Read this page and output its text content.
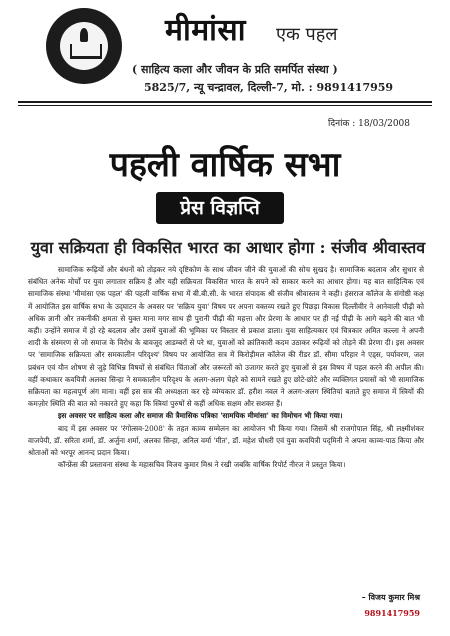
मीमांसा एक पहल
( साहित्य कला और जीवन के प्रति समर्पित संस्था )
5825/7, न्यू चन्द्रावल, दिल्ली-7, मो. : 9891417959
दिनांक : 18/03/2008
पहली वार्षिक सभा
प्रेस विज्ञप्ति
युवा सक्रियता ही विकसित भारत का आधार होगा : संजीव श्रीवास्तव

सामाजिक रूढ़ियों और बंधनों को तोड़कर नये दृष्टिकोण के साथ जीवन जीने की युवाओं की सोच सुखद है। सामाजिक बदलाव और सुधार से संबंधित अनेक मोर्चों पर युवा लगातार सक्रिय हैं और यही सक्रियता विकसित भारत के सपने को साकार करने का आधार होगा। यह बात साहित्यिक एवं सामाजिक संस्था 'मीमांसा एक पहल' की पहली वार्षिक सभा में बी.बी.सी. के भारत संपादक श्री संजीव श्रीवास्तव ने कही। हंसराज कॉलेज के संगोष्ठी कक्ष में आयोजित इस वार्षिक सभा के उद्‌घाटन के अवसर पर 'सक्रिय युवा' विषय पर अपना वक्तव्य रखते हुए पिछड़ा विकास दिल्लीवीर ने आनेवाली पीढ़ी को अधिक ज्ञानी और तकनीकी क्षमता से युक्त माना मगर साथ ही पुरानी पीढ़ी की महत्ता और प्रेरणा के आधार पर ही नई पीढ़ी के आगे बढ़ने की बात भी कही। उन्होंने समाज में हो रहे बदलाव और उसमें युवाओं की भूमिका पर विस्तार से प्रकाश डाला। युवा साहित्यकार एवं चित्रकार अमित कल्ला ने अपनी शादी के संस्मरण से जो समाज के विरोध के बावजूद आडम्बरों से परे था, युवाओं को क्रांतिकारी कदम उठाकर रूढ़ियों को तोड़ने की प्रेरणा दी। इस अवसर पर 'सामाजिक सक्रियता और समकालीन परिदृश्य' विषय पर आयोजित सत्र में किरोड़ीमल कॉलेज की रीडर डॉ. सीमा परिहार ने एड्‌स, पर्यावरण, जल प्रबंधन एवं यौन शोषण से जुड़े विभिन्न विषयों से संबंधित चिंताओं और जरूरतों को उजागर करते हुए युवाओं से इस विषय में पहल करने की अपील की। वहीं कथाकार कवयित्री अलका सिन्हा ने समकालीन परिदृश्य के अलग-अलग चेहरे को सामने रखते हुए छोटे-छोटे और व्यक्तिगत प्रयासों को भी सामाजिक सक्रियता का महत्वपूर्ण अंग माना। वहीं इस सत्र की अध्यक्षता कर रहे व्यंग्यकार डॉ. हरीश नवल ने अलग-अलग स्थितियां बताते हुए समाज में स्त्रियों की कमज़ोर स्थिति की बात को नकारते हुए कहा कि स्त्रियां पुरुषों से कहीं अधिक सक्षम और सशक्त हैं।

इस अवसर पर साहित्य कला और समाज की त्रैमासिक पत्रिका 'सामयिक मीमांसा' का विमोचन भी किया गया।

बाद में इस अवसर पर 'रंगोत्सव-2008' के तहत काव्य सम्मेलन का आयोजन भी किया गया। जिसमें श्री राजगोपाल सिंह, श्री लक्ष्मीशंकर वाजपेयी, डॉ. सरिता शर्मा, डॉ. अर्जुना शर्मा, अलका सिन्हा, अनिल वर्मा 'मीत', डॉ. महेश चौधरी एवं युवा कवयित्री पद्‌मिनी ने अपना काव्य-पाठ किया और श्रोताओं को भरपूर आनन्द प्रदान किया।

कॉन्फ्रेंस की प्रस्तावना संस्था के महासचिव विजय कुमार मिश्र ने रखी जबकि वार्षिक रिपोर्ट नीरज ने प्रस्तुत किया।

– विजय कुमार मिश्र
9891417959
